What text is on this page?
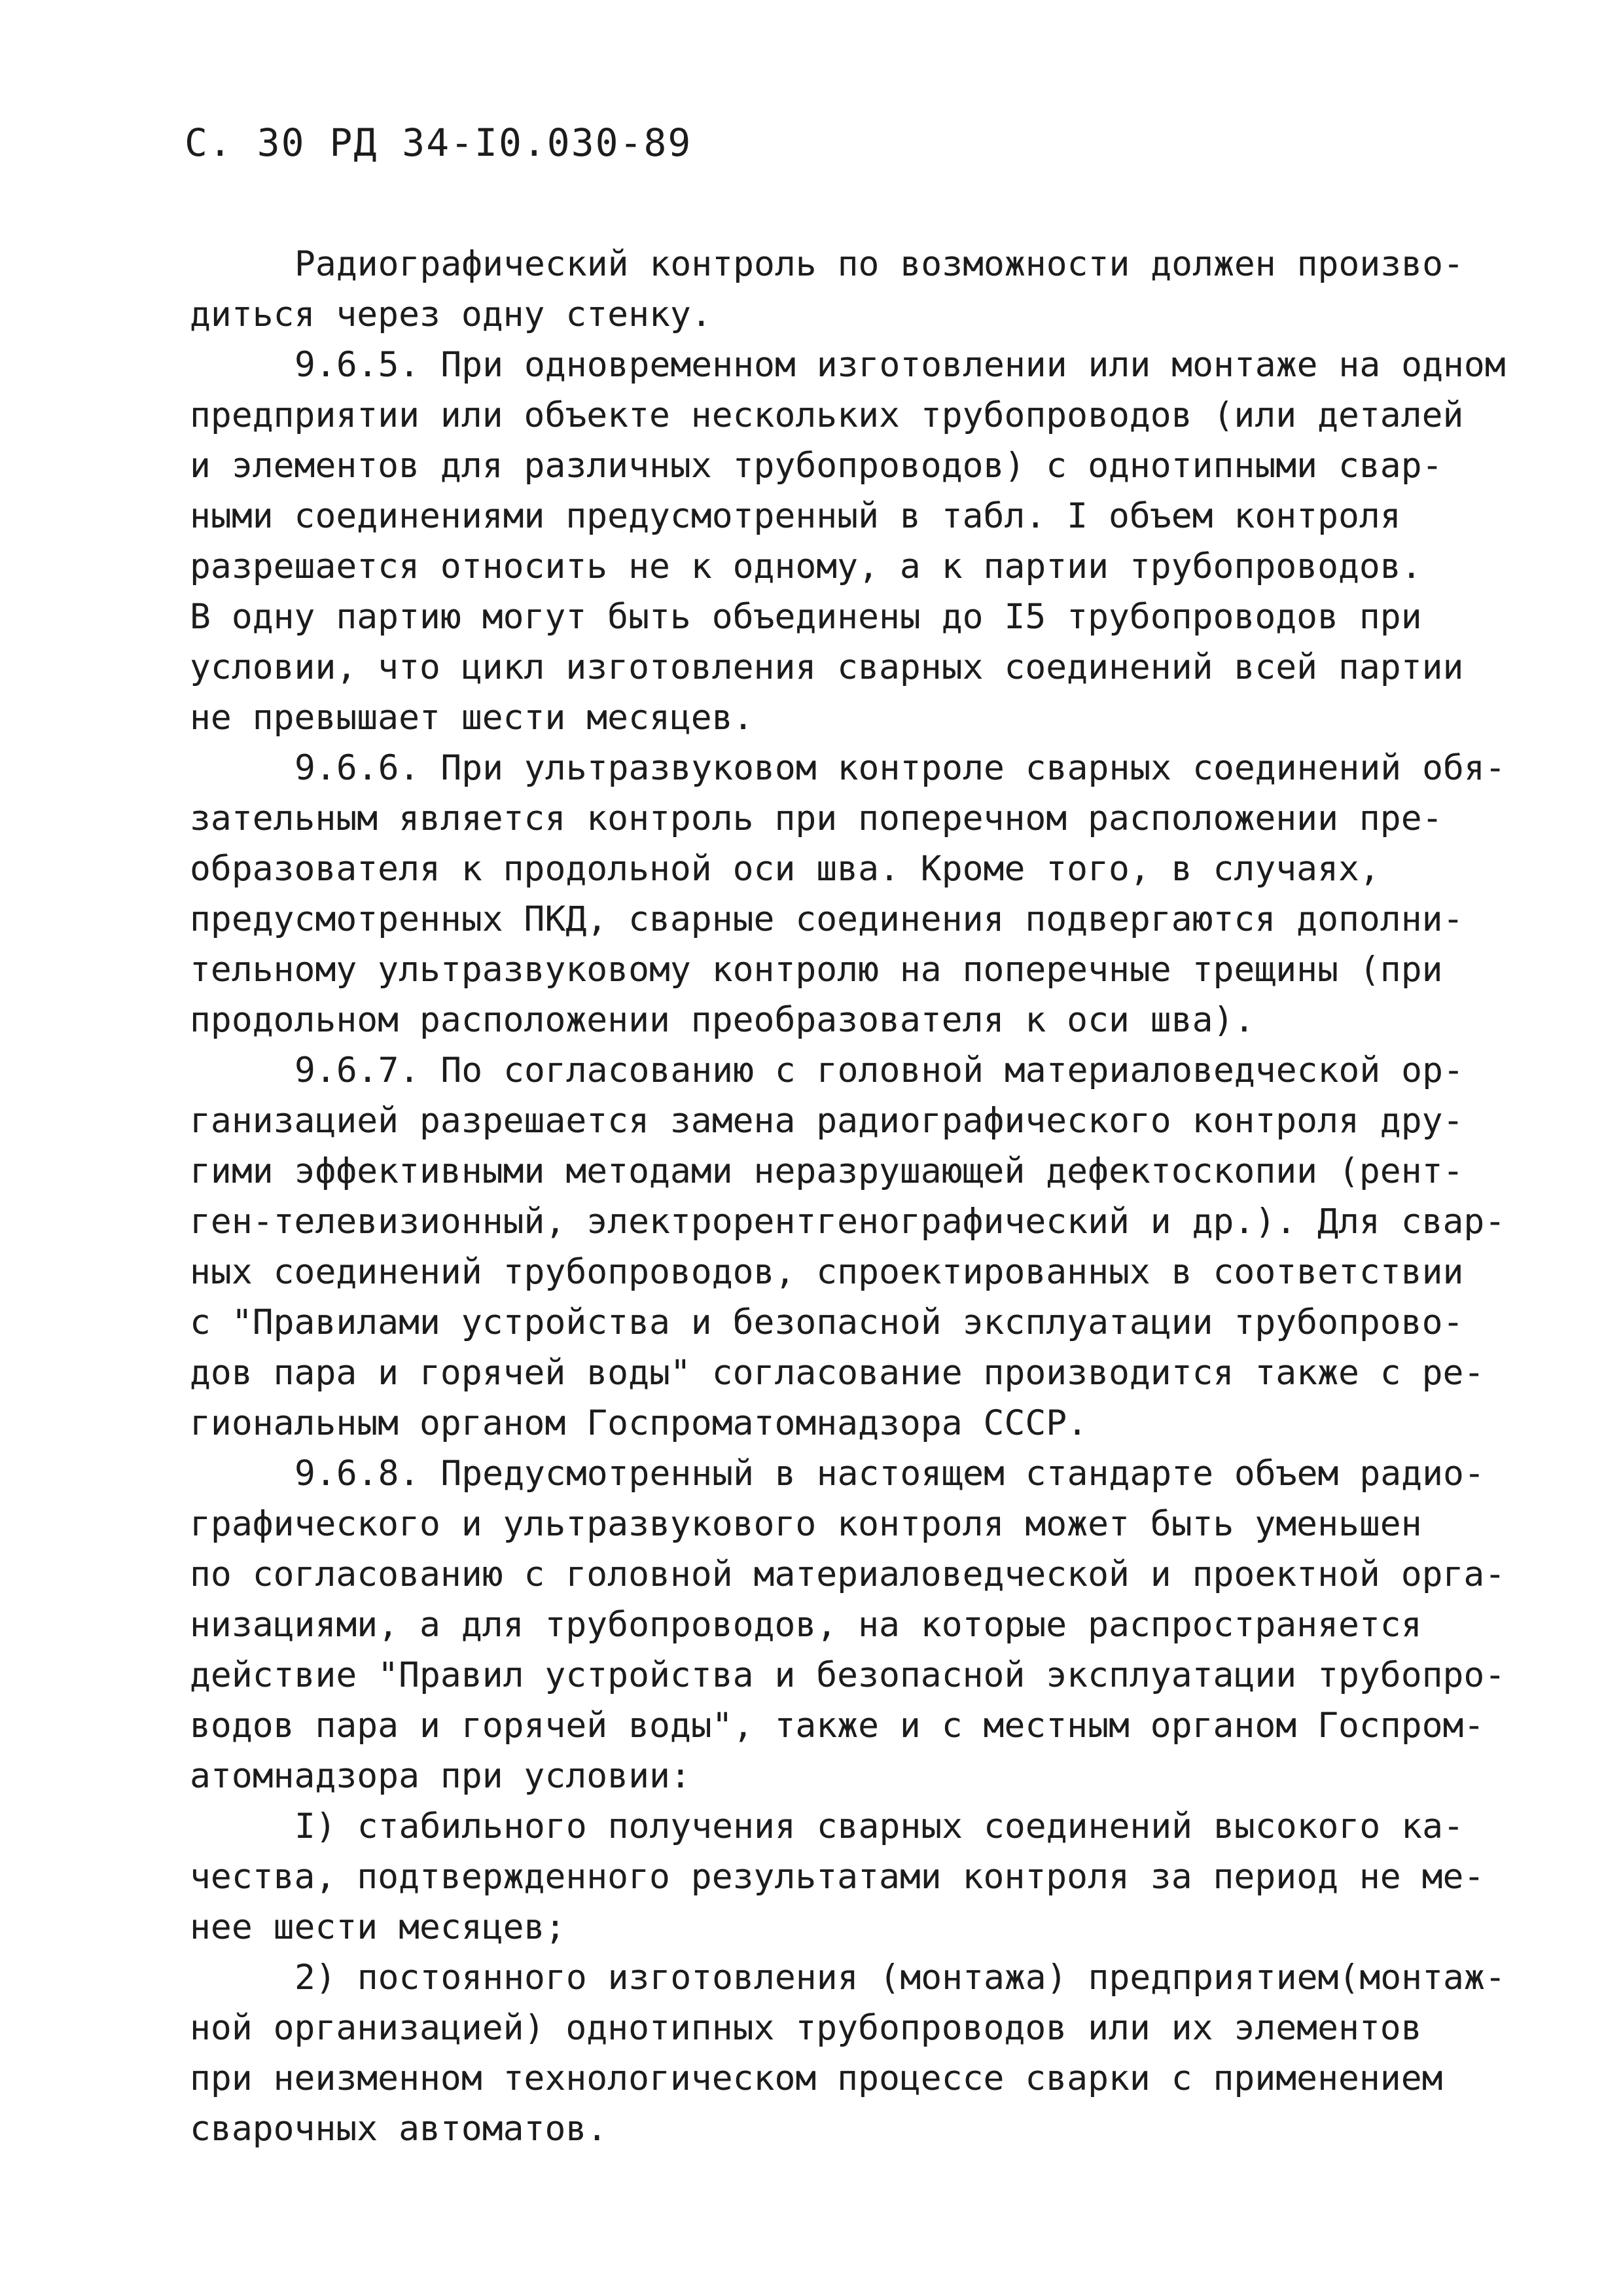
С. 30 РД 34-I0.030-89
Радиографический контроль по возможности должен произво-
диться через одну стенку.
9.6.5. При одновременном изготовлении или монтаже на одном
предприятии или объекте нескольких трубопроводов (или деталей
и элементов для различных трубопроводов) с однотипными свар-
ными соединениями предусмотренный в табл. I объем контроля
разрешается относить не к одному, а к партии трубопроводов.
В одну партию могут быть объединены до I5 трубопроводов при
условии, что цикл изготовления сварных соединений всей партии
не превышает шести месяцев.
9.6.6. При ультразвуковом контроле сварных соединений обя-
зательным является контроль при поперечном расположении пре-
образователя к продольной оси шва. Кроме того, в случаях,
предусмотренных ПКД, сварные соединения подвергаются дополни-
тельному ультразвуковому контролю на поперечные трещины (при
продольном расположении преобразователя к оси шва).
9.6.7. По согласованию с головной материаловедческой ор-
ганизацией разрешается замена радиографического контроля дру-
гими эффективными методами неразрушающей дефектоскопии (рент-
ген-телевизионный, электрорентгенографический и др.). Для свар-
ных соединений трубопроводов, спроектированных в соответствии
с "Правилами устройства и безопасной эксплуатации трубопрово-
дов пара и горячей воды" согласование производится также с ре-
гиональным органом Госпроматомнадзора СССР.
9.6.8. Предусмотренный в настоящем стандарте объем радио-
графического и ультразвукового контроля может быть уменьшен
по согласованию с головной материаловедческой и проектной орга-
низациями, а для трубопроводов, на которые распространяется
действие "Правил устройства и безопасной эксплуатации трубопро-
водов пара и горячей воды", также и с местным органом Госпром-
атомнадзора при условии:
I) стабильного получения сварных соединений высокого ка-
чества, подтвержденного результатами контроля за период не ме-
нее шести месяцев;
2) постоянного изготовления (монтажа) предприятием(монтаж-
ной организацией) однотипных трубопроводов или их элементов
при неизменном технологическом процессе сварки с применением
сварочных автоматов.
